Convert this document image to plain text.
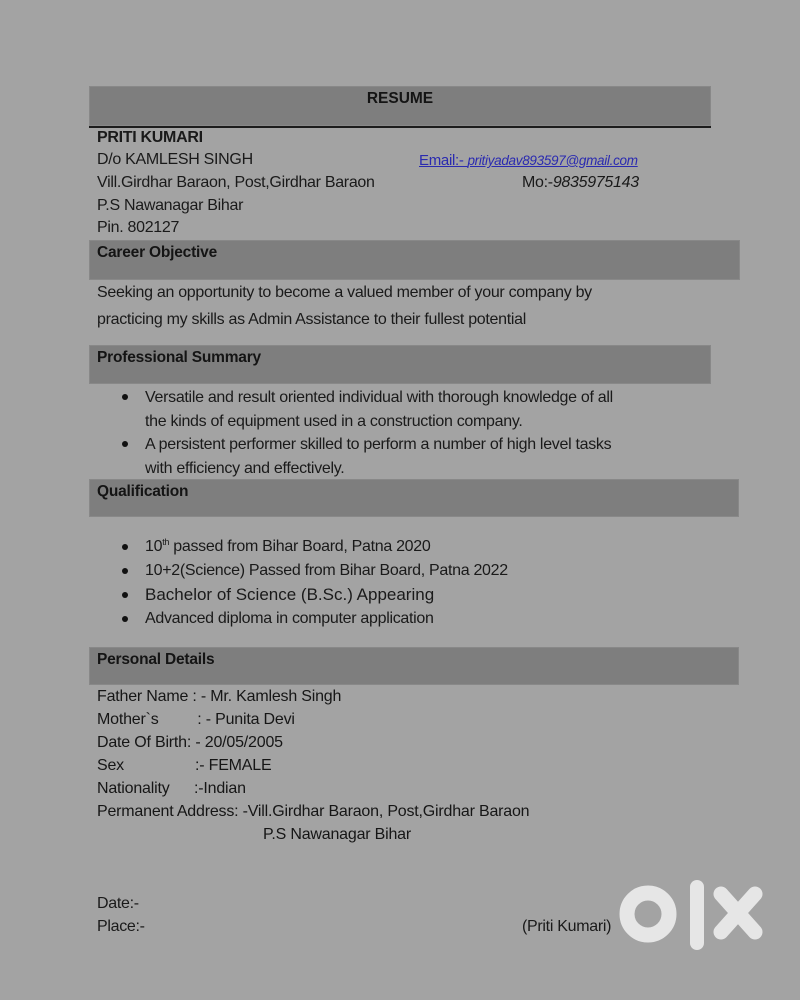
RESUME
PRITI KUMARI
D/o KAMLESH SINGH
Vill.Girdhar Baraon, Post,Girdhar Baraon
P.S Nawanagar Bihar
Pin. 802127
Email:- pritiyadav893597@gmail.com
Mo:-9835975143
Career Objective
Seeking an opportunity to become a valued member of your company by
practicing my skills as Admin Assistance to their fullest potential
Professional Summary
Versatile and result oriented individual with thorough knowledge of all
the kinds of equipment used in a construction company.
A persistent performer skilled to perform a number of high level tasks
with efficiency and effectively.
Qualification
10th passed from Bihar Board, Patna 2020
10+2(Science) Passed from Bihar Board, Patna 2022
Bachelor of Science (B.Sc.) Appearing
Advanced diploma in computer application
Personal Details
Father Name : - Mr. Kamlesh Singh
Mother`s : - Punita Devi
Date Of Birth: - 20/05/2005
Sex	:- FEMALE
Nationality :-Indian
Permanent Address: -Vill.Girdhar Baraon, Post,Girdhar Baraon
P.S Nawanagar Bihar
Date:-
Place:-	(Priti Kumari)
